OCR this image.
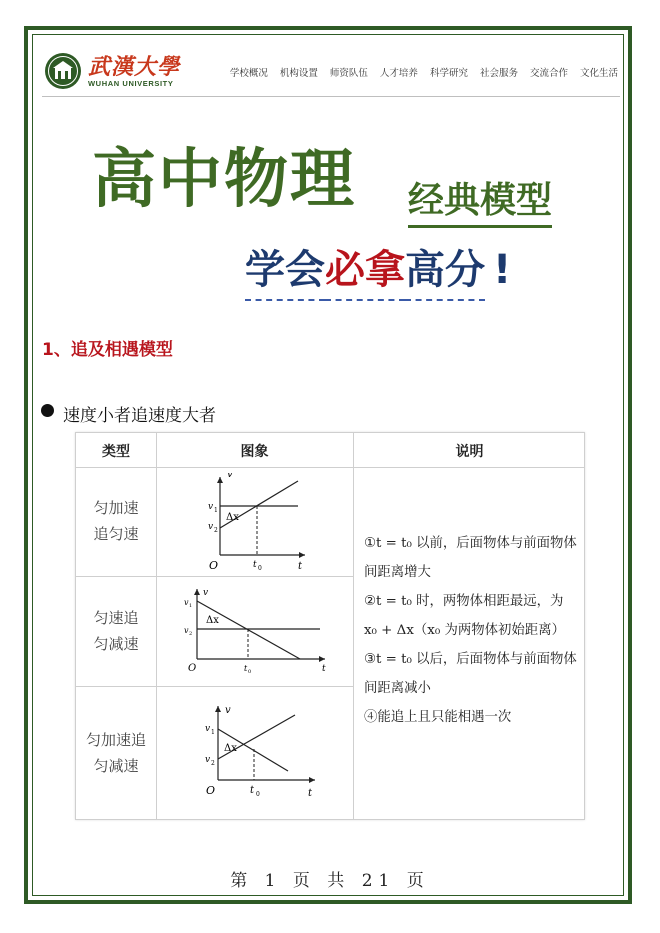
武漢大學
WUHAN UNIVERSITY
学校概况 机构设置 师资队伍 人才培养 科学研究 社会服务 交流合作 文化生活
高中物理 经典模型
学会必拿高分 !
1、追及相遇模型
速度小者追速度大者
类型	图象	说明
匀加速
追匀速
匀速追
匀减速
匀加速追
匀减速
v
t
O
v 1
v 2
Δx
t 0
v
t
O
v 1
v 2
Δx
t 0
v
t
O
v 1
v 2
Δx
t 0

①t = t₀ 以前，后面物体与前面物体间距离增大

②t = t₀ 时，两物体相距最远，为 x₀ + Δx（x₀ 为两物体初始距离）

③t = t₀ 以后，后面物体与前面物体间距离减小

④能追上且只能相遇一次

第 1 页 共 21 页
